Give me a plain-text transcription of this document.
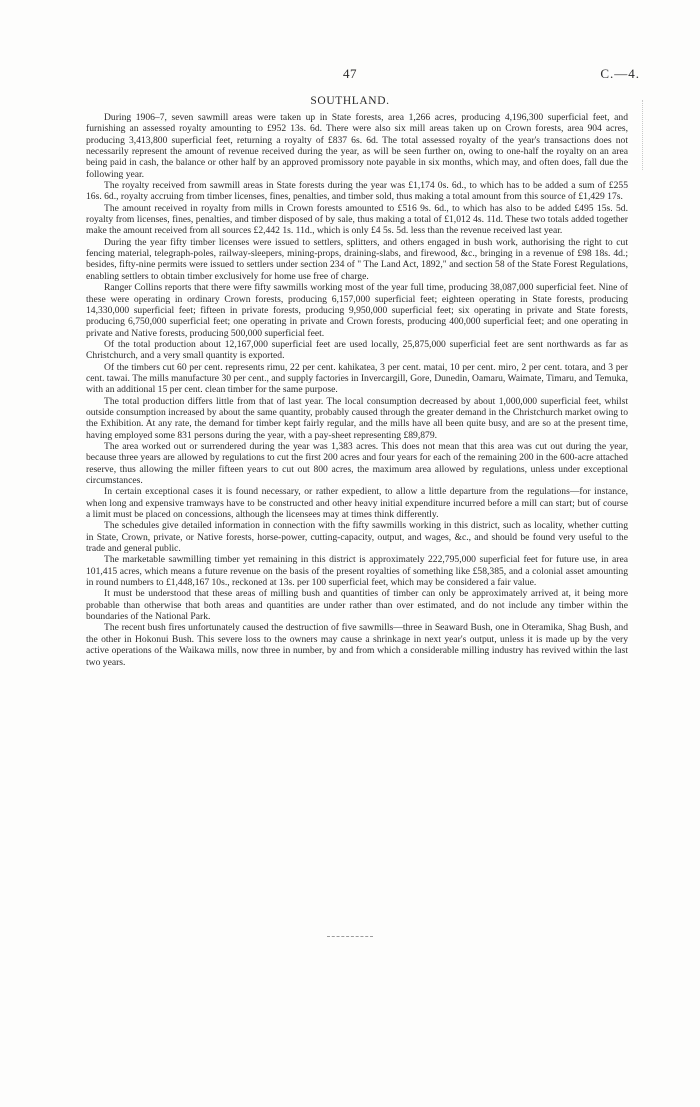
47	C.—4.
SOUTHLAND.

During 1906–7, seven sawmill areas were taken up in State forests, area 1,266 acres, producing 4,196,300 superficial feet, and furnishing an assessed royalty amounting to £952 13s. 6d. There were also six mill areas taken up on Crown forests, area 904 acres, producing 3,413,800 superficial feet, returning a royalty of £837 6s. 6d. The total assessed royalty of the year's transactions does not necessarily represent the amount of revenue received during the year, as will be seen further on, owing to one-half the royalty on an area being paid in cash, the balance or other half by an approved promissory note payable in six months, which may, and often does, fall due the following year.

The royalty received from sawmill areas in State forests during the year was £1,174 0s. 6d., to which has to be added a sum of £255 16s. 6d., royalty accruing from timber licenses, fines, penalties, and timber sold, thus making a total amount from this source of £1,429 17s.

The amount received in royalty from mills in Crown forests amounted to £516 9s. 6d., to which has also to be added £495 15s. 5d. royalty from licenses, fines, penalties, and timber disposed of by sale, thus making a total of £1,012 4s. 11d. These two totals added together make the amount received from all sources £2,442 1s. 11d., which is only £4 5s. 5d. less than the revenue received last year.

During the year fifty timber licenses were issued to settlers, splitters, and others engaged in bush work, authorising the right to cut fencing material, telegraph-poles, railway-sleepers, mining-props, draining-slabs, and firewood, &c., bringing in a revenue of £98 18s. 4d.; besides, fifty-nine permits were issued to settlers under section 234 of " The Land Act, 1892," and section 58 of the State Forest Regulations, enabling settlers to obtain timber exclusively for home use free of charge.

Ranger Collins reports that there were fifty sawmills working most of the year full time, producing 38,087,000 superficial feet. Nine of these were operating in ordinary Crown forests, producing 6,157,000 superficial feet; eighteen operating in State forests, producing 14,330,000 superficial feet; fifteen in private forests, producing 9,950,000 superficial feet; six operating in private and State forests, producing 6,750,000 superficial feet; one operating in private and Crown forests, producing 400,000 superficial feet; and one operating in private and Native forests, producing 500,000 superficial feet.

Of the total production about 12,167,000 superficial feet are used locally, 25,875,000 superficial feet are sent northwards as far as Christchurch, and a very small quantity is exported.

Of the timbers cut 60 per cent. represents rimu, 22 per cent. kahikatea, 3 per cent. matai, 10 per cent. miro, 2 per cent. totara, and 3 per cent. tawai. The mills manufacture 30 per cent., and supply factories in Invercargill, Gore, Dunedin, Oamaru, Waimate, Timaru, and Temuka, with an additional 15 per cent. clean timber for the same purpose.

The total production differs little from that of last year. The local consumption decreased by about 1,000,000 superficial feet, whilst outside consumption increased by about the same quantity, probably caused through the greater demand in the Christchurch market owing to the Exhibition. At any rate, the demand for timber kept fairly regular, and the mills have all been quite busy, and are so at the present time, having employed some 831 persons during the year, with a pay-sheet representing £89,879.

The area worked out or surrendered during the year was 1,383 acres. This does not mean that this area was cut out during the year, because three years are allowed by regulations to cut the first 200 acres and four years for each of the remaining 200 in the 600-acre attached reserve, thus allowing the miller fifteen years to cut out 800 acres, the maximum area allowed by regulations, unless under exceptional circumstances.

In certain exceptional cases it is found necessary, or rather expedient, to allow a little departure from the regulations—for instance, when long and expensive tramways have to be constructed and other heavy initial expenditure incurred before a mill can start; but of course a limit must be placed on concessions, although the licensees may at times think differently.

The schedules give detailed information in connection with the fifty sawmills working in this district, such as locality, whether cutting in State, Crown, private, or Native forests, horse-power, cutting-capacity, output, and wages, &c., and should be found very useful to the trade and general public.

The marketable sawmilling timber yet remaining in this district is approximately 222,795,000 superficial feet for future use, in area 101,415 acres, which means a future revenue on the basis of the present royalties of something like £58,385, and a colonial asset amounting in round numbers to £1,448,167 10s., reckoned at 13s. per 100 superficial feet, which may be considered a fair value.

It must be understood that these areas of milling bush and quantities of timber can only be approximately arrived at, it being more probable than otherwise that both areas and quantities are under rather than over estimated, and do not include any timber within the boundaries of the National Park.

The recent bush fires unfortunately caused the destruction of five sawmills—three in Seaward Bush, one in Oteramika, Shag Bush, and the other in Hokonui Bush. This severe loss to the owners may cause a shrinkage in next year's output, unless it is made up by the very active operations of the Waikawa mills, now three in number, by and from which a considerable milling industry has revived within the last two years.
